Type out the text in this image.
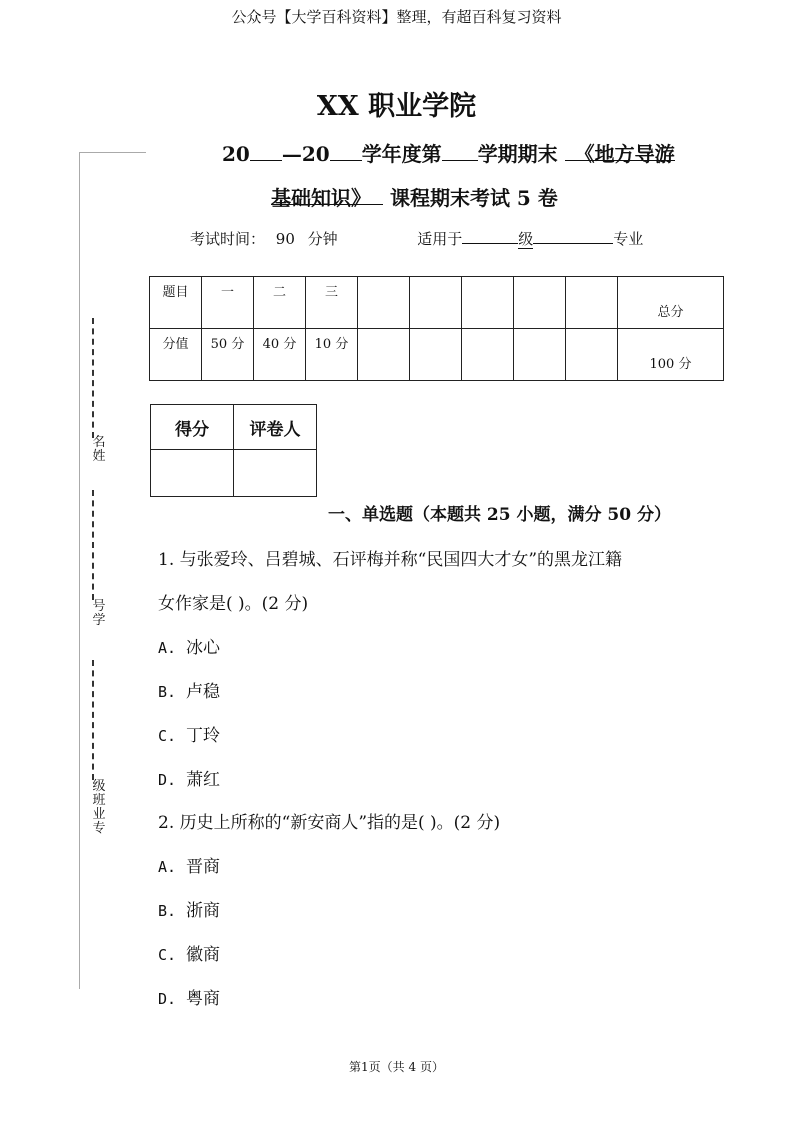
公众号【大学百科资料】整理，有超百科复习资料
XX 职业学院
20 —20 学年度第 学期期末 《地方导游
基础知识》 课程期末考试 5 卷
考试时间： 90 分钟	适用于	级	专业
名姓
号学
级班业专
题目	一	二	三						总分
分值	50 分	40 分	10 分						100 分
得分	评卷人

一、单选题（本题共 25 小题，满分 50 分）
1. 与张爱玲、吕碧城、石评梅并称“民国四大才女”的黑龙江籍
女作家是( )。(2 分)
A. 冰心
B. 卢稳
C. 丁玲
D. 萧红
2. 历史上所称的“新安商人”指的是( )。(2 分)
A. 晋商
B. 浙商
C. 徽商
D. 粤商
第1页（共 4 页）
